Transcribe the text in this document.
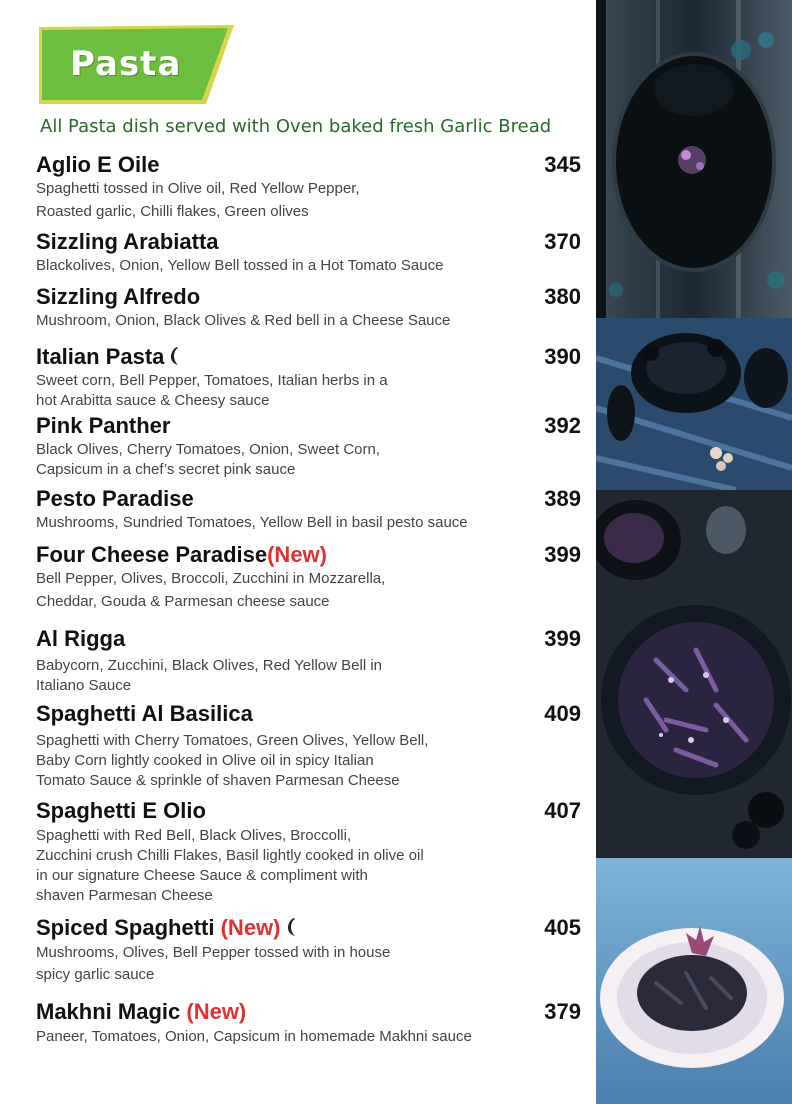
Pasta
All Pasta dish served with Oven baked fresh Garlic Bread
Aglio E Oile	345
Spaghetti tossed in Olive oil, Red Yellow Pepper,
Roasted garlic, Chilli flakes, Green olives
Sizzling Arabiatta	370
Blackolives, Onion, Yellow Bell tossed in a Hot Tomato Sauce
Sizzling Alfredo	380
Mushroom, Onion, Black Olives & Red bell in a Cheese Sauce
Italian Pasta	390
Sweet corn, Bell Pepper, Tomatoes, Italian herbs in a
hot Arabitta sauce & Cheesy sauce
Pink Panther	392
Black Olives, Cherry Tomatoes, Onion, Sweet Corn,
Capsicum in a chef’s secret pink sauce
Pesto Paradise	389
Mushrooms, Sundried Tomatoes, Yellow Bell in basil pesto sauce
Four Cheese Paradise(New)	399
Bell Pepper, Olives, Broccoli, Zucchini in Mozzarella,
Cheddar, Gouda & Parmesan cheese sauce
Al Rigga	399
Babycorn, Zucchini, Black Olives, Red Yellow Bell in
Italiano Sauce
Spaghetti Al Basilica	409
Spaghetti with Cherry Tomatoes, Green Olives, Yellow Bell,
Baby Corn lightly cooked in Olive oil in spicy Italian
Tomato Sauce & sprinkle of shaven Parmesan Cheese
Spaghetti E Olio	407
Spaghetti with Red Bell, Black Olives, Broccolli,
Zucchini crush Chilli Flakes, Basil lightly cooked in olive oil
in our signature Cheese Sauce & compliment with
shaven Parmesan Cheese
Spiced Spaghetti (New)	405
Mushrooms, Olives, Bell Pepper tossed with in house
spicy garlic sauce
Makhni Magic (New)	379
Paneer, Tomatoes, Onion, Capsicum in homemade Makhni sauce
